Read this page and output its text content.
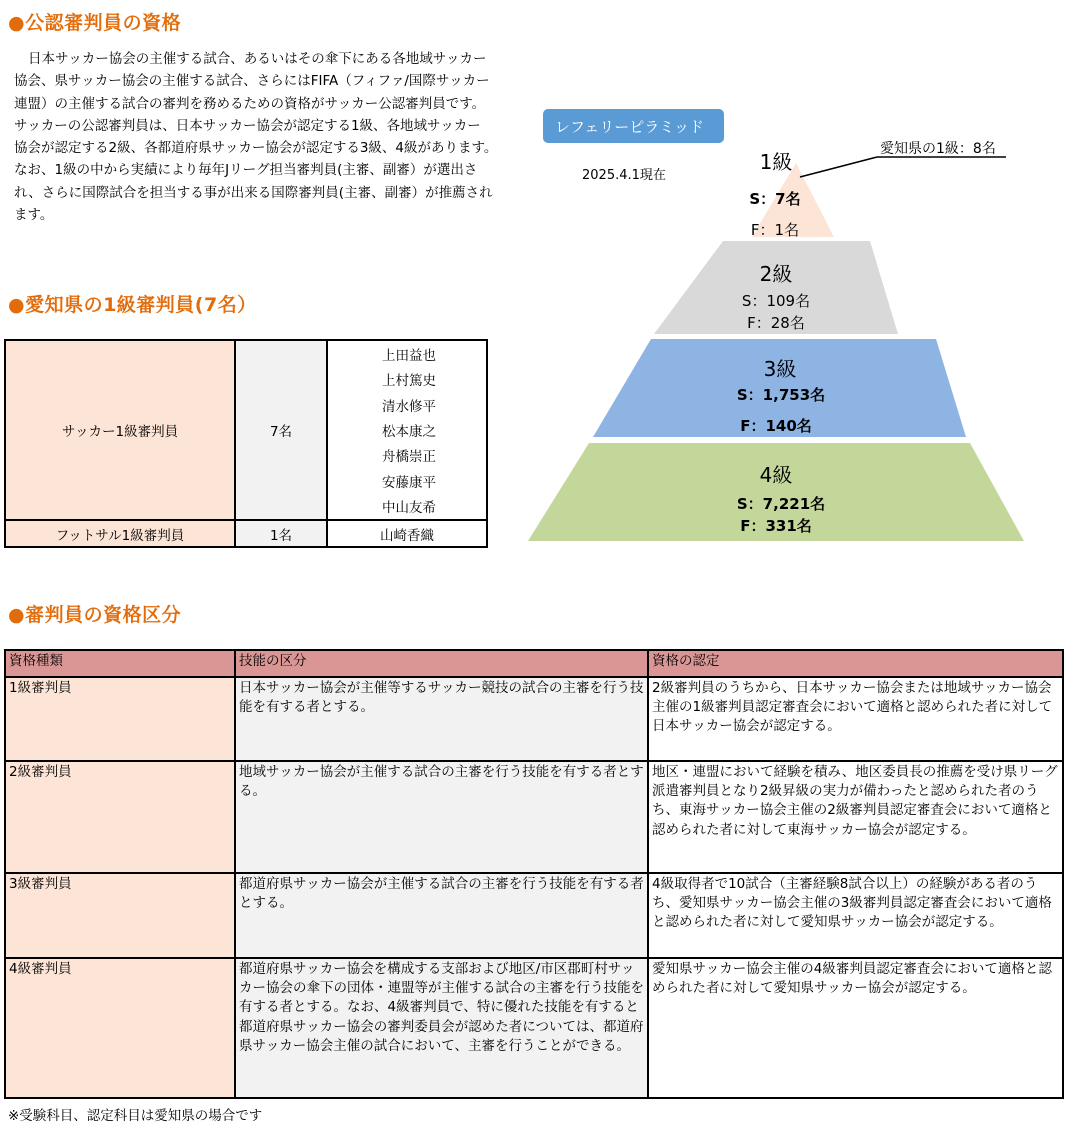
●公認審判員の資格
日本サッカー協会の主催する試合、あるいはその傘下にある各地域サッカー協会、県サッカー協会の主催する試合、さらにはFIFA（フィファ/国際サッカー連盟）の主催する試合の審判を務めるための資格がサッカー公認審判員です。　サッカーの公認審判員は、日本サッカー協会が認定する1級、各地域サッカー協会が認定する2級、各都道府県サッカー協会が認定する3級、4級があります。　なお、1級の中から実績により毎年Jリーグ担当審判員(主審、副審）が選出され、さらに国際試合を担当する事が出来る国際審判員(主審、副審）が推薦されます。
●愛知県の1級審判員(7名）
サッカー1級審判員	7名
上田益也
上村篤史
清水修平
松本康之
舟橋崇正
安藤康平
中山友希
フットサル1級審判員	1名	山崎香織
レフェリーピラミッド
2025.4.1現在
愛知県の1級：8名
1級
S：7名
F：1名
2級
S：109名
F：28名
3級
S：1,753名
F：140名
4級
S：7,221名
F：331名
●審判員の資格区分
資格種類	技能の区分	資格の認定
1級審判員	日本サッカー協会が主催等するサッカー競技の試合の主審を行う技能を有する者とする。	2級審判員のうちから、日本サッカー協会または地域サッカー協会主催の1級審判員認定審査会において適格と認められた者に対して日本サッカー協会が認定する。
2級審判員	地域サッカー協会が主催する試合の主審を行う技能を有する者とする。	地区・連盟において経験を積み、地区委員長の推薦を受け県リーグ派遣審判員となり2級昇級の実力が備わったと認められた者のうち、東海サッカー協会主催の2級審判員認定審査会において適格と認められた者に対して東海サッカー協会が認定する。
3級審判員	都道府県サッカー協会が主催する試合の主審を行う技能を有する者とする。	4級取得者で10試合（主審経験8試合以上）の経験がある者のうち、愛知県サッカー協会主催の3級審判員認定審査会において適格と認められた者に対して愛知県サッカー協会が認定する。
4級審判員	都道府県サッカー協会を構成する支部および地区/市区郡町村サッカー協会の傘下の団体・連盟等が主催する試合の主審を行う技能を有する者とする。なお、4級審判員で、特に優れた技能を有すると都道府県サッカー協会の審判委員会が認めた者については、都道府県サッカー協会主催の試合において、主審を行うことができる。	愛知県サッカー協会主催の4級審判員認定審査会において適格と認められた者に対して愛知県サッカー協会が認定する。
※受験科目、認定科目は愛知県の場合です
